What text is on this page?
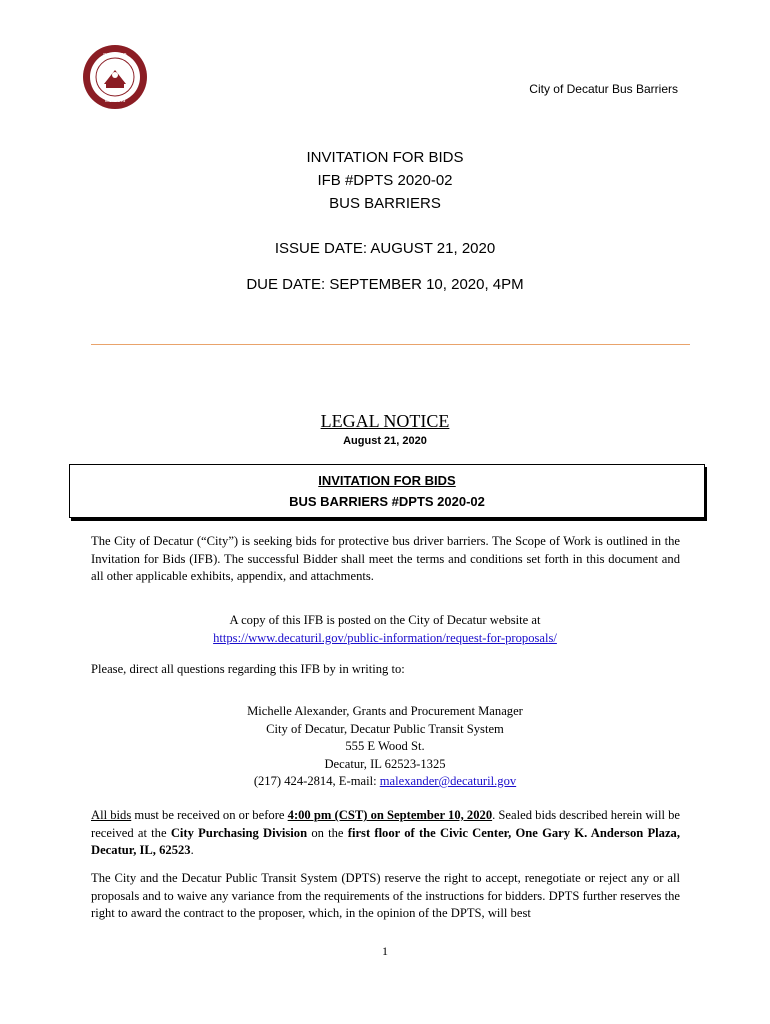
DECATUR
ILLINOIS
City of Decatur Bus Barriers
INVITATION FOR BIDS
IFB #DPTS 2020-02
BUS BARRIERS
ISSUE DATE: AUGUST 21, 2020
DUE DATE: SEPTEMBER 10, 2020, 4PM
LEGAL NOTICE
August 21, 2020
INVITATION FOR BIDS
BUS BARRIERS #DPTS 2020-02
The City of Decatur (“City”) is seeking bids for protective bus driver barriers. The Scope of Work is outlined in the Invitation for Bids (IFB). The successful Bidder shall meet the terms and conditions set forth in this document and all other applicable exhibits, appendix, and attachments.
A copy of this IFB is posted on the City of Decatur website at
https://www.decaturil.gov/public-information/request-for-proposals/
Please, direct all questions regarding this IFB by in writing to:
Michelle Alexander, Grants and Procurement Manager
City of Decatur, Decatur Public Transit System
555 E Wood St.
Decatur, IL 62523-1325
(217) 424-2814, E-mail: malexander@decaturil.gov
All bids must be received on or before 4:00 pm (CST) on September 10, 2020. Sealed bids described herein will be received at the City Purchasing Division on the first floor of the Civic Center, One Gary K. Anderson Plaza, Decatur, IL, 62523.
The City and the Decatur Public Transit System (DPTS) reserve the right to accept, renegotiate or reject any or all proposals and to waive any variance from the requirements of the instructions for bidders. DPTS further reserves the right to award the contract to the proposer, which, in the opinion of the DPTS, will best
1
